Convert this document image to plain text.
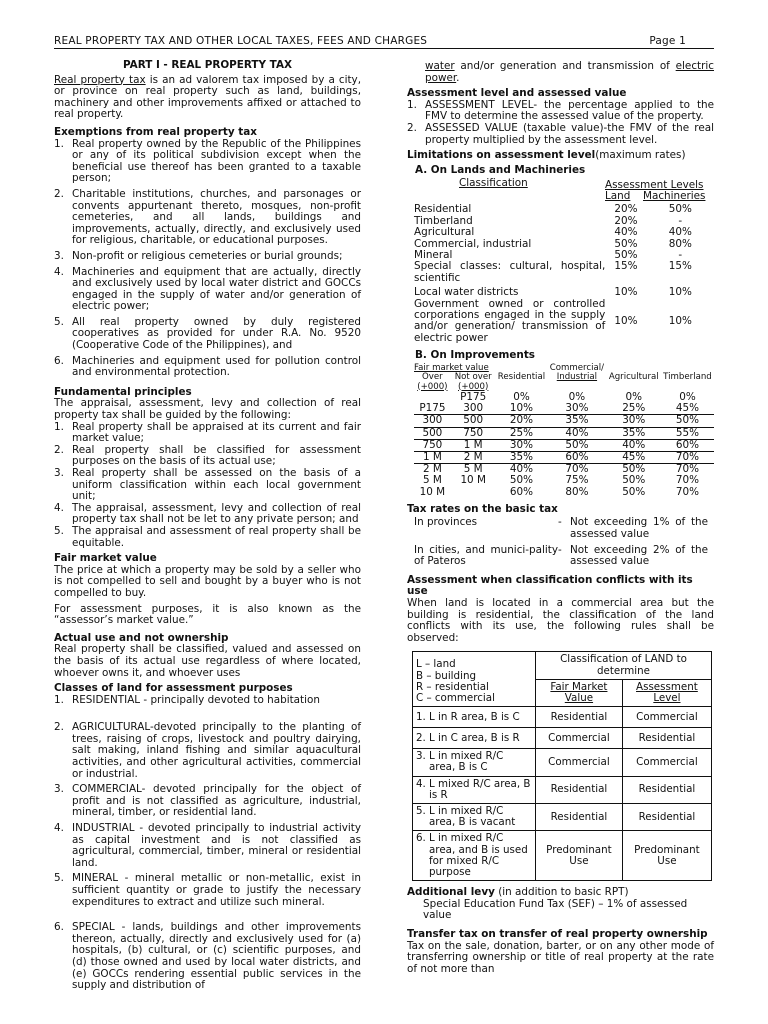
REAL PROPERTY TAX AND OTHER LOCAL TAXES, FEES AND CHARGES	Page 1

PART I - REAL PROPERTY TAX

Real property tax is an ad valorem tax imposed by a city, or province on real property such as land, buildings, machinery and other improvements affixed or attached to real property.

Exemptions from real property tax

1. Real property owned by the Republic of the Philippines or any of its political subdivision except when the beneficial use thereof has been granted to a taxable person;
2. Charitable institutions, churches, and parsonages or convents appurtenant thereto, mosques, non-profit cemeteries, and all lands, buildings and improvements, actually, directly, and exclusively used for religious, charitable, or educational purposes.
3. Non-profit or religious cemeteries or burial grounds;
4. Machineries and equipment that are actually, directly and exclusively used by local water district and GOCCs engaged in the supply of water and/or generation of electric power;
5. All real property owned by duly registered cooperatives as provided for under R.A. No. 9520 (Cooperative Code of the Philippines), and
6. Machineries and equipment used for pollution control and environmental protection.

Fundamental principles

The appraisal, assessment, levy and collection of real property tax shall be guided by the following:

1. Real property shall be appraised at its current and fair market value;
2. Real property shall be classified for assessment purposes on the basis of its actual use;
3. Real property shall be assessed on the basis of a uniform classification within each local government unit;
4. The appraisal, assessment, levy and collection of real property tax shall not be let to any private person; and
5. The appraisal and assessment of real property shall be equitable.

Fair market value

The price at which a property may be sold by a seller who is not compelled to sell and bought by a buyer who is not compelled to buy.

For assessment purposes, it is also known as the “assessor’s market value.”

Actual use and not ownership

Real property shall be classified, valued and assessed on the basis of its actual use regardless of where located, whoever owns it, and whoever uses

Classes of land for assessment purposes

1. RESIDENTIAL - principally devoted to habitation
2. AGRICULTURAL-devoted principally to the planting of trees, raising of crops, livestock and poultry dairying, salt making, inland fishing and similar aquacultural activities, and other agricultural activities, commercial or industrial.
3. COMMERCIAL- devoted principally for the object of profit and is not classified as agriculture, industrial, mineral, timber, or residential land.
4. INDUSTRIAL - devoted principally to industrial activity as capital investment and is not classified as agricultural, commercial, timber, mineral or residential land.
5. MINERAL - mineral metallic or non-metallic, exist in sufficient quantity or grade to justify the necessary expenditures to extract and utilize such mineral.
6. SPECIAL - lands, buildings and other improvements thereon, actually, directly and exclusively used for (a) hospitals, (b) cultural, or (c) scientific purposes, and (d) those owned and used by local water districts, and (e) GOCCs rendering essential public services in the supply and distribution of

water and/or generation and transmission of electric power.

Assessment level and assessed value

1. ASSESSMENT LEVEL- the percentage applied to the FMV to determine the assessed value of the property.
2. ASSESSED VALUE (taxable value)-the FMV of the real property multiplied by the assessment level.

Limitations on assessment level(maximum rates)

A. On Lands and Machineries

Classification	Assessment Levels
Land Machineries
Residential	20%	50%
Timberland	20%	-
Agricultural	40%	40%
Commercial, industrial	50%	80%
Mineral	50%	-
Special classes: cultural, hospital, scientific	15%	15%
Local water districts	10%	10%
Government owned or controlled corporations engaged in the supply and/or generation/ transmission of electric power	10%	10%

B. On Improvements

Fair market value			Commercial/		
Over	Not over	Residential	Industrial	Agricultural	Timberland
(+000)	(+000)				
	P175	0%	0%	0%	0%
P175	300	10%	30%	25%	45%
300	500	20%	35%	30%	50%
500	750	25%	40%	35%	55%
750	1 M	30%	50%	40%	60%
1 M	2 M	35%	60%	45%	70%
2 M	5 M	40%	70%	50%	70%
5 M	10 M	50%	75%	50%	70%
10 M		60%	80%	50%	70%

Tax rates on the basic tax

In provinces	- Not exceeding 1% of the assessed value
In cities, and munici-pality of Pateros
- Not exceeding 2% of the assessed value

Assessment when classification conflicts with its use

When land is located in a commercial area but the building is residential, the classification of the land conflicts with its use, the following rules shall be observed:

L – land
B – building
R – residential
C – commercial	Classification of LAND to determine	
	Fair Market Value	Assessment Level

1. L in R area, B is C	Residential	Commercial

2. L in C area, B is R	Commercial	Residential

3. L in mixed R/C area, B is C	Commercial	Commercial

4. L mixed R/C area, B is R	Residential	Residential

5. L in mixed R/C area, B is vacant	Residential	Residential

6. L in mixed R/C area, and B is used for mixed R/C purpose	Predominant Use	Predominant Use

Additional levy (in addition to basic RPT)

Special Education Fund Tax (SEF) – 1% of assessed value

Transfer tax on transfer of real property ownership

Tax on the sale, donation, barter, or on any other mode of transferring ownership or title of real property at the rate of not more than
